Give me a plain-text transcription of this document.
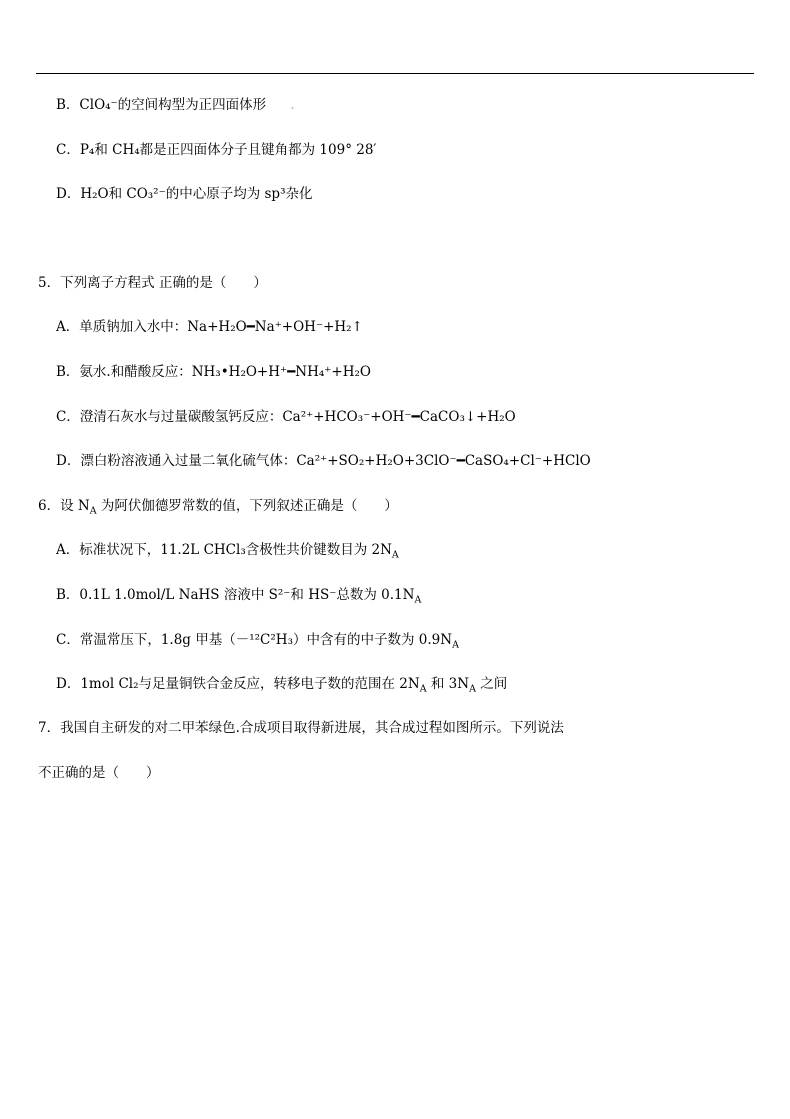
B．ClO₄⁻的空间构型为正四面体形 .
C．P₄和 CH₄都是正四面体分子且键角都为 109° 28′
D．H₂O和 CO₃²⁻的中心原子均为 sp³杂化
5．下列离子方程式 正确的是（　　）
A．单质钠加入水中：Na+H₂O━Na⁺+OH⁻+H₂↑
B．氨水.和醋酸反应：NH₃•H₂O+H⁺━NH₄⁺+H₂O
C．澄清石灰水与过量碳酸氢钙反应：Ca²⁺+HCO₃⁻+OH⁻━CaCO₃↓+H₂O
D．漂白粉溶液通入过量二氧化硫气体：Ca²⁺+SO₂+H₂O+3ClO⁻━CaSO₄+Cl⁻+HClO
6．设 $N_A$ 为阿伏伽德罗常数的值，下列叙述正确是（　　）
A．标准状况下，11.2L CHCl₃含极性共价键数目为 $2N_A$
B．0.1L 1.0mol/L NaHS 溶液中 S²⁻和 HS⁻总数为 $0.1N_A$
C．常温常压下，1.8g 甲基（－¹²C²H₃）中含有的中子数为 $0.9N_A$
D．1mol Cl₂与足量铜铁合金反应，转移电子数的范围在 $2N_A$ 和 $3N_A$ 之间
7．我国自主研发的对二甲苯绿色.合成项目取得新进展，其合成过程如图所示。下列说法
不正确的是（　　）
